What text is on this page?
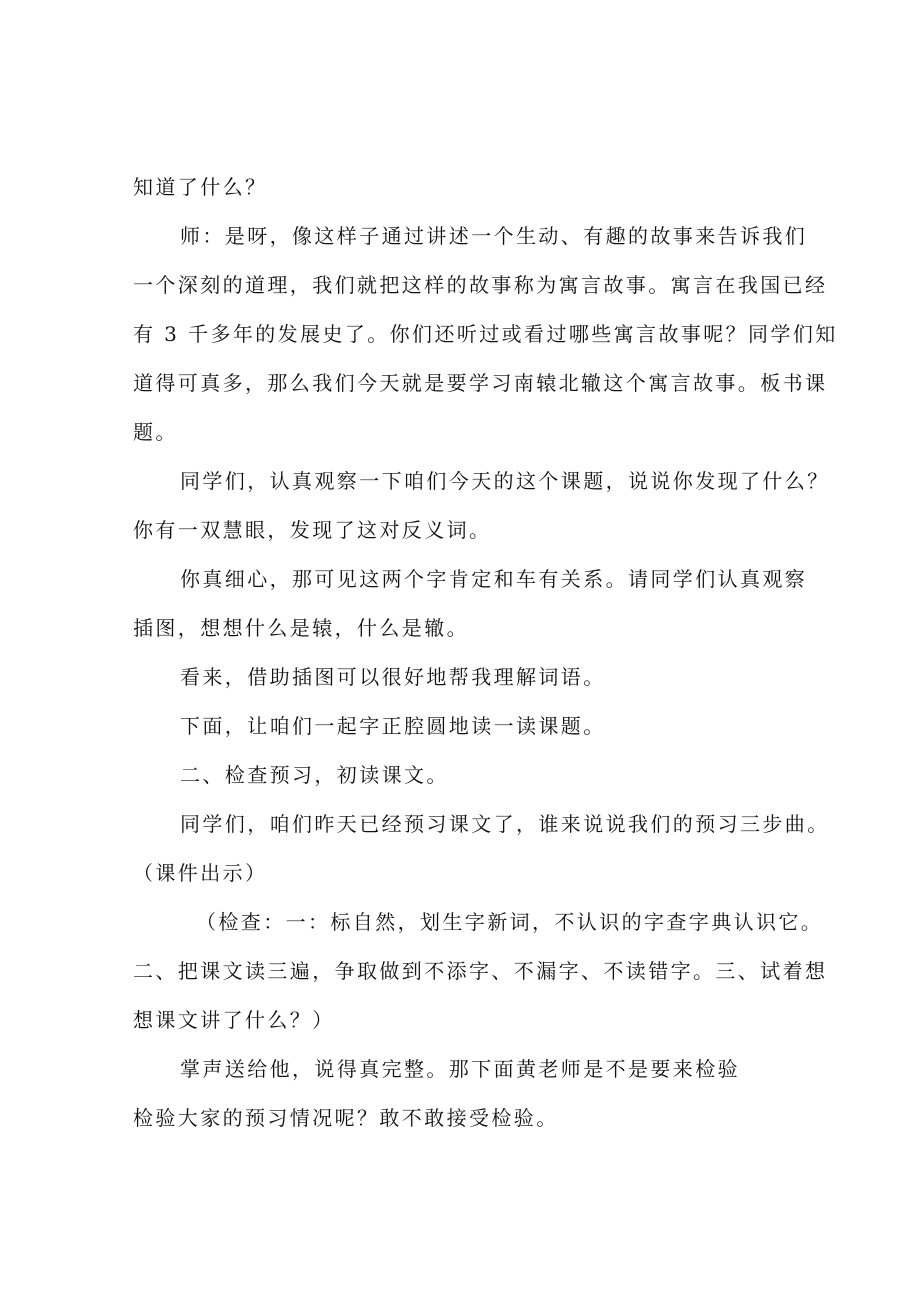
知道了什么？
师：是呀，像这样子通过讲述一个生动、有趣的故事来告诉我们
一个深刻的道理，我们就把这样的故事称为寓言故事。寓言在我国已经
有 3 千多年的发展史了。你们还听过或看过哪些寓言故事呢？同学们知
道得可真多，那么我们今天就是要学习南辕北辙这个寓言故事。板书课
题。
同学们，认真观察一下咱们今天的这个课题，说说你发现了什么？
你有一双慧眼，发现了这对反义词。
你真细心，那可见这两个字肯定和车有关系。请同学们认真观察
插图，想想什么是辕，什么是辙。
看来，借助插图可以很好地帮我理解词语。
下面，让咱们一起字正腔圆地读一读课题。
二、检查预习，初读课文。
同学们，咱们昨天已经预习课文了，谁来说说我们的预习三步曲。
（课件出示）
（检查：一：标自然，划生字新词，不认识的字查字典认识它。
二、把课文读三遍，争取做到不添字、不漏字、不读错字。三、试着想
想课文讲了什么？）
掌声送给他，说得真完整。那下面黄老师是不是要来检验
检验大家的预习情况呢？敢不敢接受检验。
